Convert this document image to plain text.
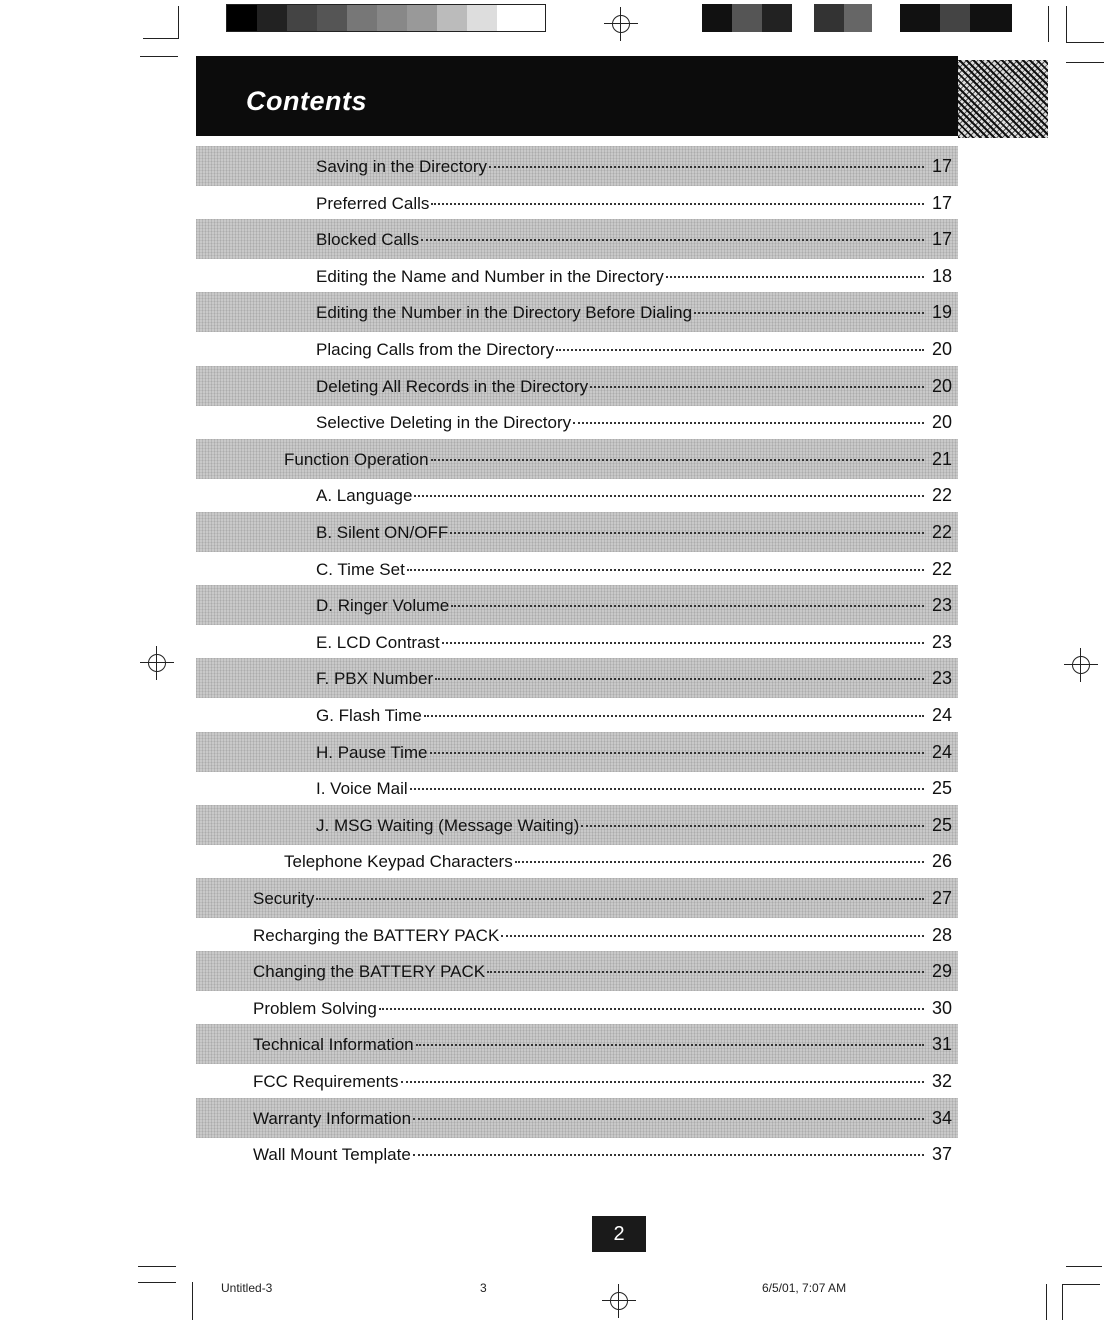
Contents
Saving in the Directory	17
Preferred Calls	17
Blocked Calls	17
Editing the Name and Number in the Directory	18
Editing the Number in the Directory Before Dialing	19
Placing Calls from the Directory	20
Deleting All Records in the Directory	20
Selective Deleting in the Directory	20
Function Operation	21
A. Language	22
B. Silent ON/OFF	22
C. Time Set	22
D. Ringer Volume	23
E. LCD Contrast	23
F. PBX Number	23
G. Flash Time	24
H. Pause Time	24
I. Voice Mail	25
J. MSG Waiting (Message Waiting)	25
Telephone Keypad Characters	26
Security	27
Recharging the BATTERY PACK	28
Changing the BATTERY PACK	29
Problem Solving	30
Technical Information	31
FCC Requirements	32
Warranty Information	34
Wall Mount Template	37
2
Untitled-3	3	6/5/01, 7:07 AM
